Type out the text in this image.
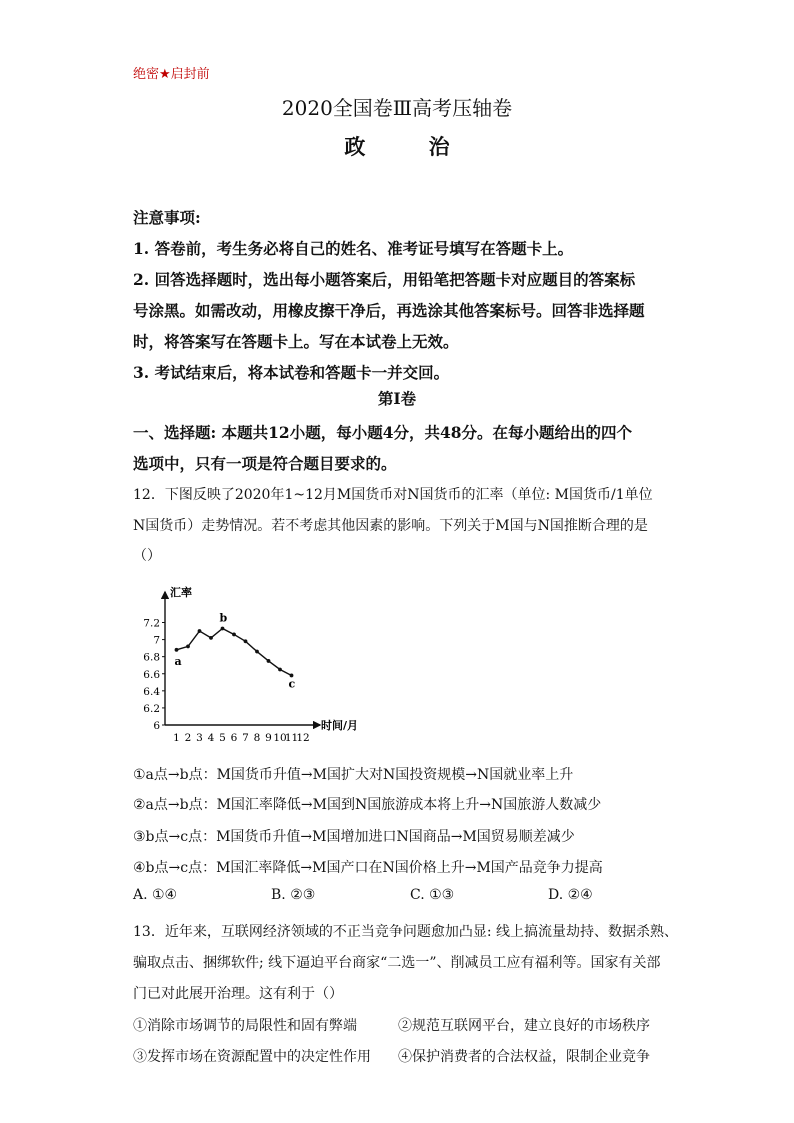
绝密★启封前
2020全国卷Ⅲ高考压轴卷
政 治
注意事项:
1. 答卷前，考生务必将自己的姓名、准考证号填写在答题卡上。
2. 回答选择题时，选出每小题答案后，用铅笔把答题卡对应题目的答案标
号涂黑。如需改动，用橡皮擦干净后，再选涂其他答案标号。回答非选择题
时，将答案写在答题卡上。写在本试卷上无效。
3. 考试结束后，将本试卷和答题卡一并交回。
第Ⅰ卷
一、选择题: 本题共12小题，每小题4分，共48分。在每小题给出的四个
选项中，只有一项是符合题目要求的。
12．下图反映了2020年1~12月M国货币对N国货币的汇率（单位: M国货币/1单位
N国货币）走势情况。若不考虑其他因素的影响。下列关于M国与N国推断合理的是
（）
汇率
时间/月
6
6.2
6.4
6.6
6.8
7
7.2
1 2 3 4 5 6 7 8 9 10
11
12
a
b
c
①a点→b点：M国货币升值→M国扩大对N国投资规模→N国就业率上升
②a点→b点：M国汇率降低→M国到N国旅游成本将上升→N国旅游人数减少
③b点→c点：M国货币升值→M国增加进口N国商品→M国贸易顺差减少
④b点→c点：M国汇率降低→M国产口在N国价格上升→M国产品竞争力提高
A. ①④	B. ②③	C. ①③	D. ②④
13．近年来，互联网经济领域的不正当竞争问题愈加凸显: 线上搞流量劫持、数据杀熟、
骗取点击、捆绑软件; 线下逼迫平台商家“二选一”、削减员工应有福利等。国家有关部
门已对此展开治理。这有利于（）
①消除市场调节的局限性和固有弊端	②规范互联网平台，建立良好的市场秩序
③发挥市场在资源配置中的决定性作用 ④保护消费者的合法权益，限制企业竞争
